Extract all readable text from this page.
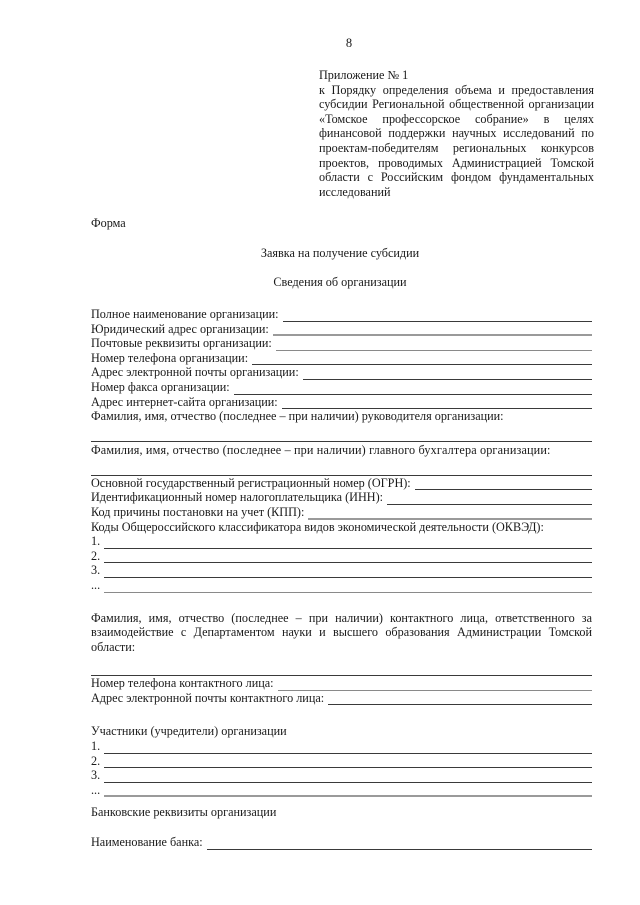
8
Приложение № 1
к Порядку определения объема и предоставления субсидии Региональной общественной организации «Томское профессорское собрание» в целях финансовой поддержки научных исследований по проектам-победителям региональных конкурсов проектов, проводимых Администрацией Томской области с Российским фондом фундаментальных исследований
Форма
Заявка на получение субсидии
Сведения об организации
Полное наименование организации:
Юридический адрес организации:
Почтовые реквизиты организации:
Номер телефона организации:
Адрес электронной почты организации:
Номер факса организации:
Адрес интернет-сайта организации:
Фамилия, имя, отчество (последнее – при наличии) руководителя организации:
Фамилия, имя, отчество (последнее – при наличии) главного бухгалтера организации:
Основной государственный регистрационный номер (ОГРН):
Идентификационный номер налогоплательщика (ИНН):
Код причины постановки на учет (КПП):
Коды Общероссийского классификатора видов экономической деятельности (ОКВЭД):
1.
2.
3.
...
Фамилия, имя, отчество (последнее – при наличии) контактного лица, ответственного за взаимодействие с Департаментом науки и высшего образования Администрации Томской области:
Номер телефона контактного лица:
Адрес электронной почты контактного лица:
Участники (учредители) организации
1.
2.
3.
...
Банковские реквизиты организации
Наименование банка:
